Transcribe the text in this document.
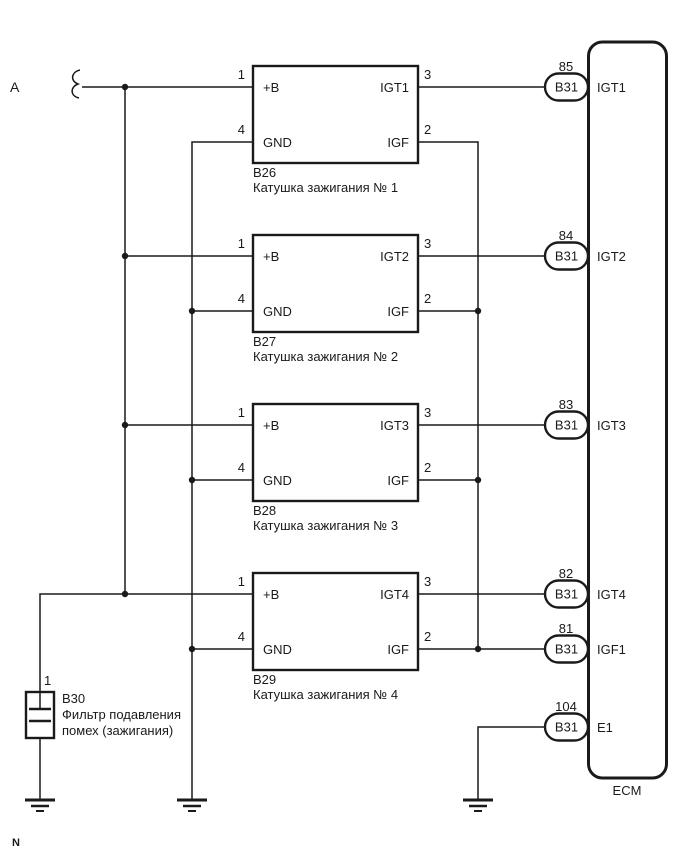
A
1
B30
Фильтр подавления
помех (зажигания)
1
+B
3
IGT1
4
GND
2
IGF
B26
Катушка зажигания № 1
1
+B
3
IGT2
4
GND
2
IGF
B27
Катушка зажигания № 2
1
+B
3
IGT3
4
GND
2
IGF
B28
Катушка зажигания № 3
1
+B
3
IGT4
4
GND
2
IGF
B29
Катушка зажигания № 4
IGT1
IGT2
IGT3
IGT4
IGF1
E1
ECM
85
B31
84
B31
83
B31
82
B31
81
B31
104
B31
N
